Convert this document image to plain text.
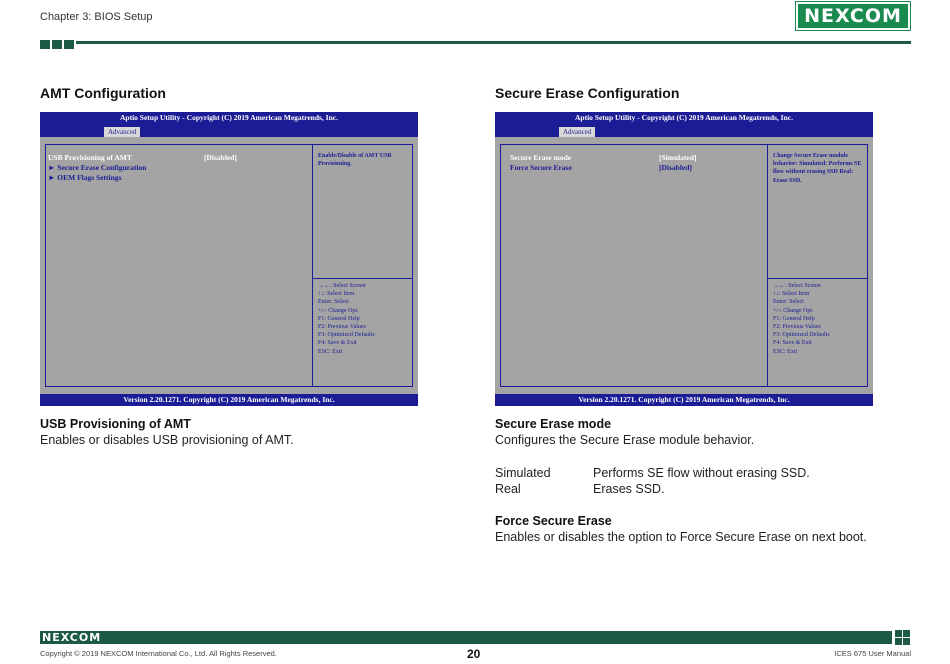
Chapter 3: BIOS Setup	NEXCOM
AMT Configuration
Aptio Setup Utility - Copyright (C) 2019 American Megatrends, Inc.
Advanced
USB Provisioning of AMT	[Disabled]
► Secure Erase Configuration
► OEM Flags Settings
Enable/Disable of AMT USB Provisioning.
→←: Select Screen
↑↓: Select Item
Enter: Select
+/-: Change Opt.
F1: General Help
F2: Previous Values
F3: Optimized Defaults
F4: Save & Exit
ESC: Exit
Version 2.20.1271. Copyright (C) 2019 American Megatrends, Inc.
USB Provisioning of AMT
Enables or disables USB provisioning of AMT.
Secure Erase Configuration
Aptio Setup Utility - Copyright (C) 2019 American Megatrends, Inc.
Advanced
Secure Erase mode	[Simulated]
Force Secure Erase	[Disabled]
Change Secure Erase module behavior: Simulated: Performs SE flow without erasing SSD Real: Erase SSD.
→←: Select Screen
↑↓: Select Item
Enter: Select
+/-: Change Opt.
F1: General Help
F2: Previous Values
F3: Optimized Defaults
F4: Save & Exit
ESC: Exit
Version 2.20.1271. Copyright (C) 2019 American Megatrends, Inc.
Secure Erase mode
Configures the Secure Erase module behavior.
Simulated	Performs SE flow without erasing SSD.
Real	Erases SSD.
Force Secure Erase
Enables or disables the option to Force Secure Erase on next boot.
NEXCOM
Copyright © 2019 NEXCOM International Co., Ltd. All Rights Reserved.	20	ICES 675 User Manual
